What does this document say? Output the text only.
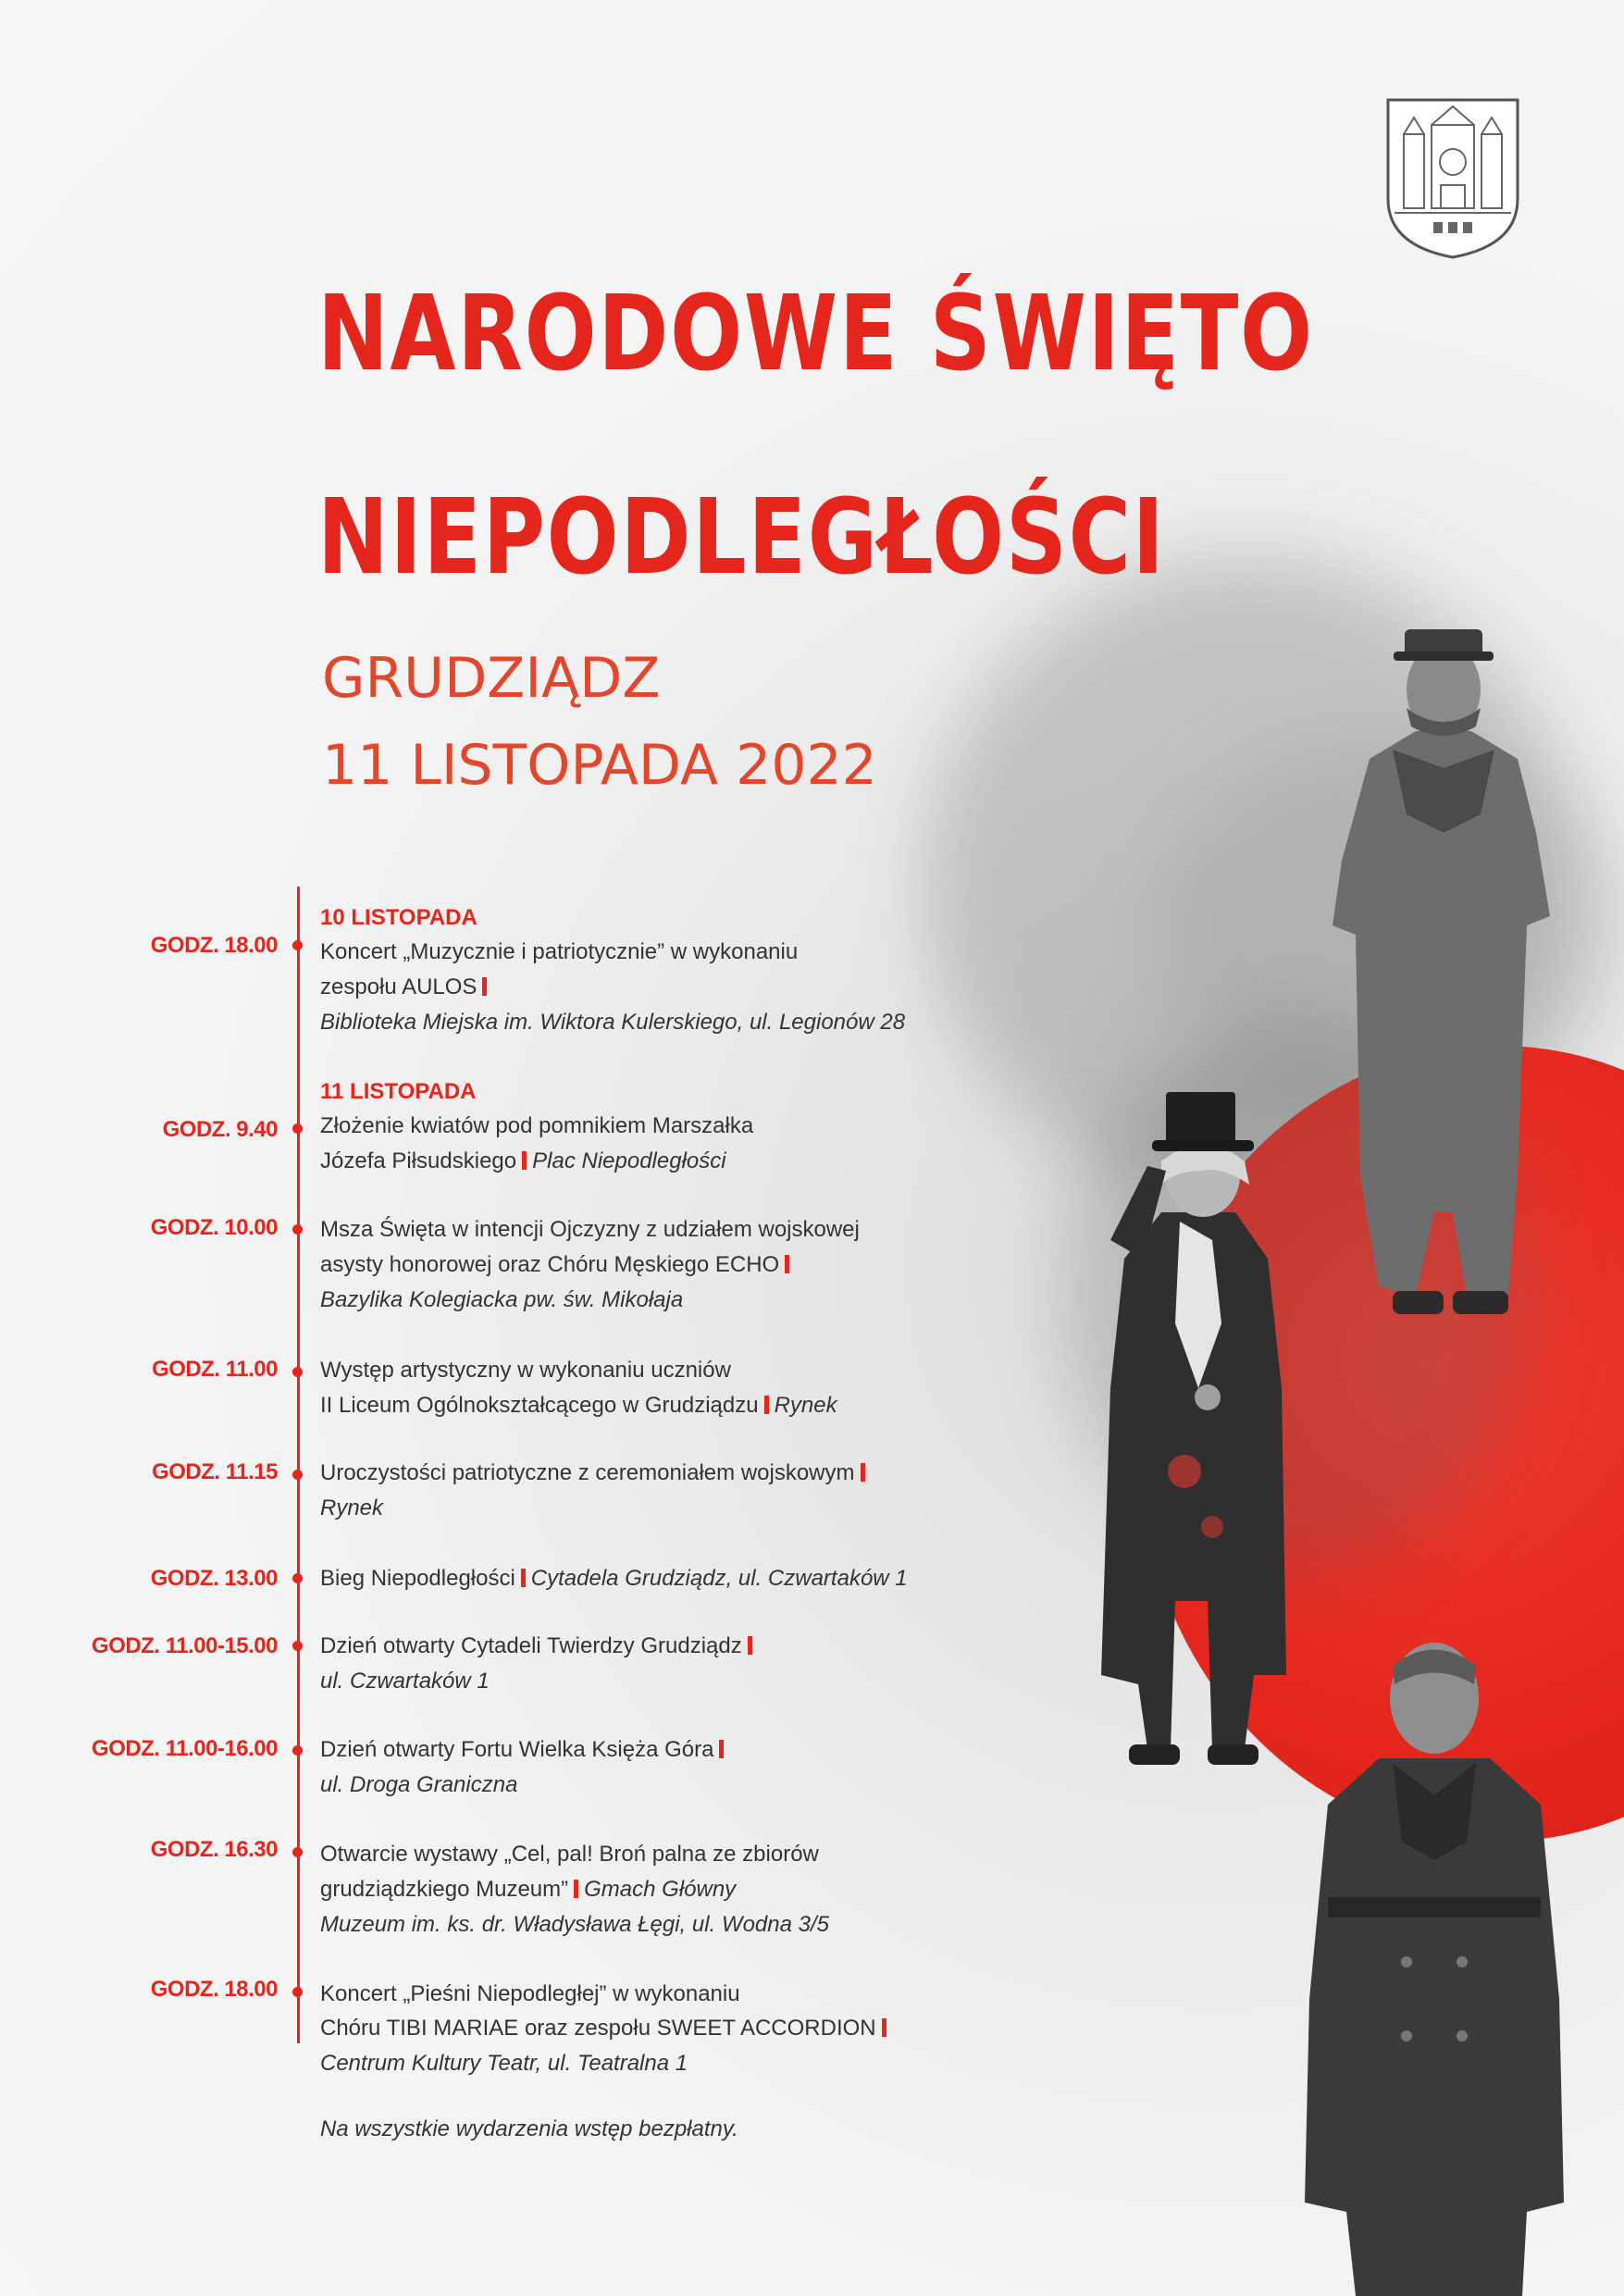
NARODOWE ŚWIĘTO
NIEPODLEGŁOŚCI
GRUDZIĄDZ
11 LISTOPADA 2022
10 LISTOPADA
GODZ. 18.00 Koncert „Muzycznie i patriotycznie” w wykonaniu
zespołu AULOS
Biblioteka Miejska im. Wiktora Kulerskiego, ul. Legionów 28
11 LISTOPADA
GODZ. 9.40 Złożenie kwiatów pod pomnikiem Marszałka
Józefa Piłsudskiego Plac Niepodległości
GODZ. 10.00 Msza Święta w intencji Ojczyzny z udziałem wojskowej
asysty honorowej oraz Chóru Męskiego ECHO
Bazylika Kolegiacka pw. św. Mikołaja
GODZ. 11.00 Występ artystyczny w wykonaniu uczniów
II Liceum Ogólnokształcącego w Grudziądzu Rynek
GODZ. 11.15 Uroczystości patriotyczne z ceremoniałem wojskowym
Rynek
GODZ. 13.00 Bieg Niepodległości Cytadela Grudziądz, ul. Czwartaków 1
GODZ. 11.00-15.00 Dzień otwarty Cytadeli Twierdzy Grudziądz
ul. Czwartaków 1
GODZ. 11.00-16.00 Dzień otwarty Fortu Wielka Księża Góra
ul. Droga Graniczna
GODZ. 16.30 Otwarcie wystawy „Cel, pal! Broń palna ze zbiorów
grudziądzkiego Muzeum” Gmach Główny
Muzeum im. ks. dr. Władysława Łęgi, ul. Wodna 3/5
GODZ. 18.00 Koncert „Pieśni Niepodległej” w wykonaniu
Chóru TIBI MARIAE oraz zespołu SWEET ACCORDION
Centrum Kultury Teatr, ul. Teatralna 1
Na wszystkie wydarzenia wstęp bezpłatny.
